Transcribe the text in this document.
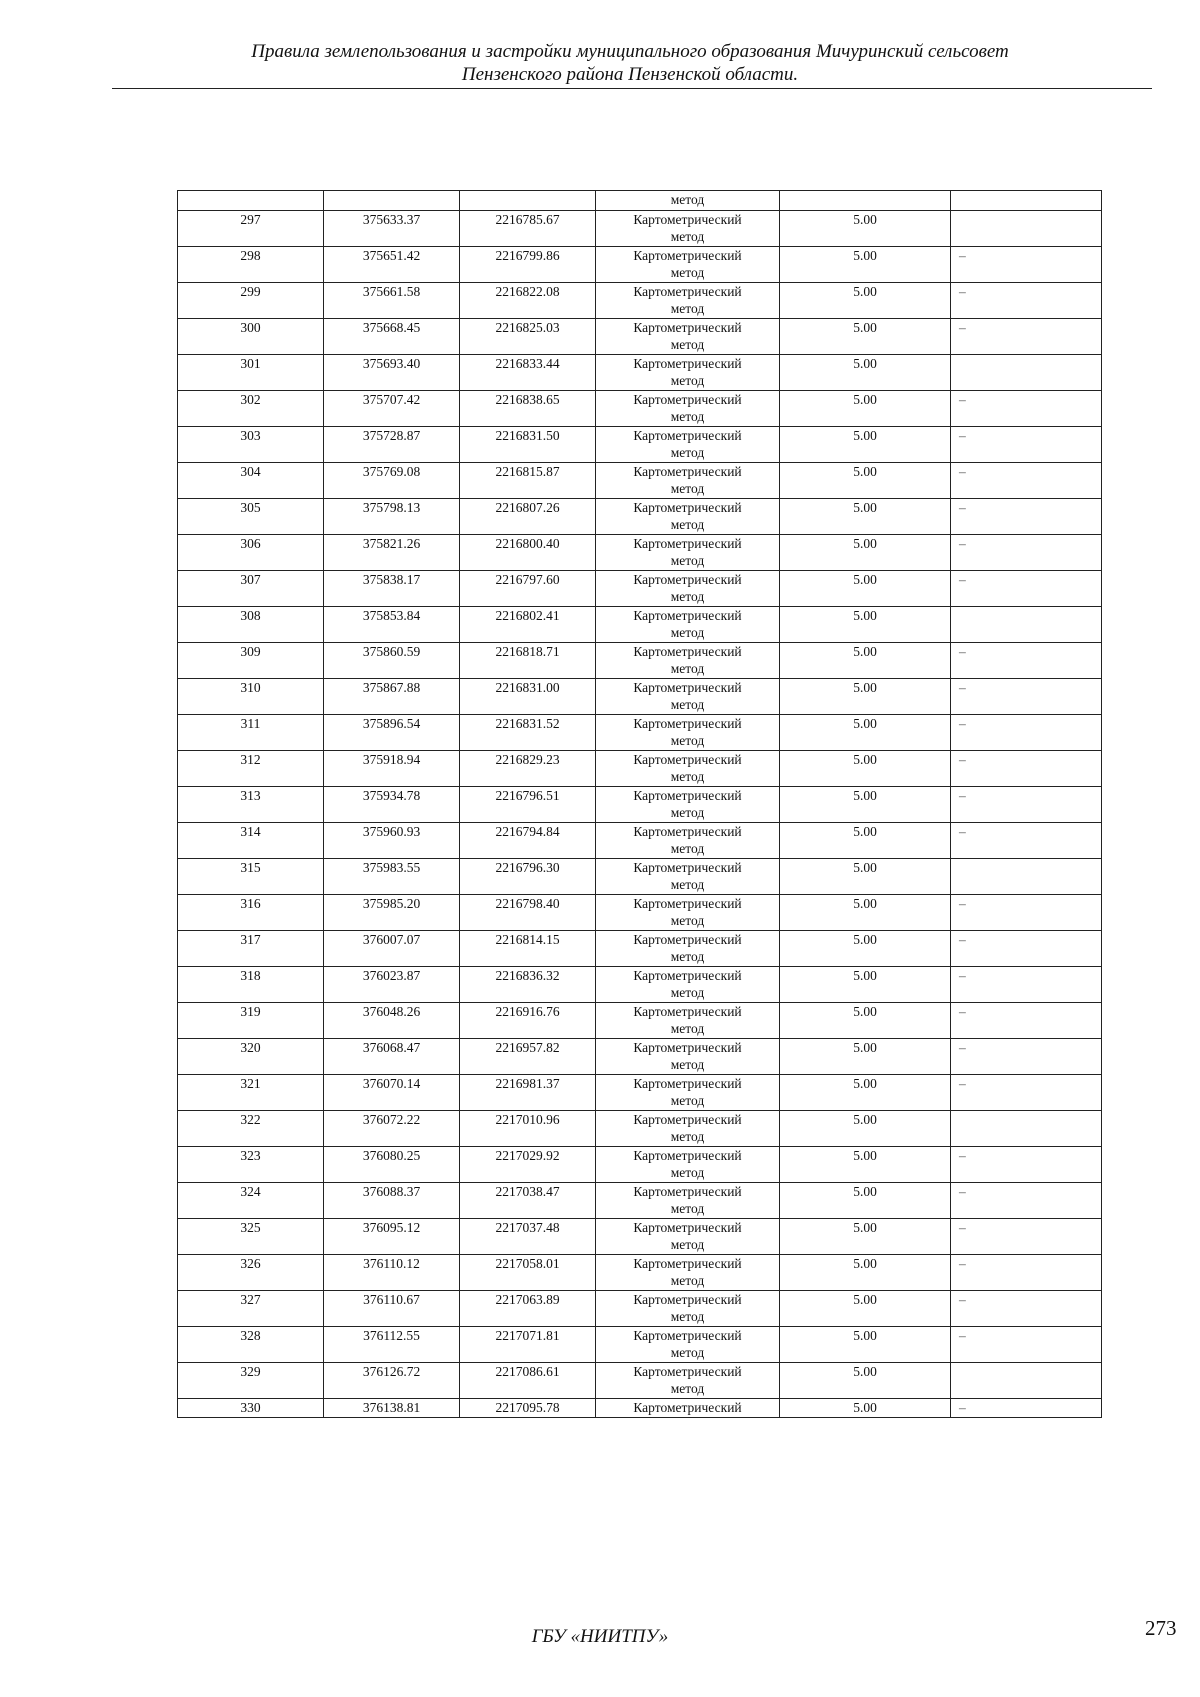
Правила землепользования и застройки муниципального образования Мичуринский сельсовет
Пензенского района Пензенской области.

			метод		

297	375633.37	2216785.67	Картометрический
метод	5.00	
298	375651.42	2216799.86	Картометрический
метод	5.00	–
299	375661.58	2216822.08	Картометрический
метод	5.00	–
300	375668.45	2216825.03	Картометрический
метод	5.00	–
301	375693.40	2216833.44	Картометрический
метод	5.00	
302	375707.42	2216838.65	Картометрический
метод	5.00	–
303	375728.87	2216831.50	Картометрический
метод	5.00	–
304	375769.08	2216815.87	Картометрический
метод	5.00	–
305	375798.13	2216807.26	Картометрический
метод	5.00	–
306	375821.26	2216800.40	Картометрический
метод	5.00	–
307	375838.17	2216797.60	Картометрический
метод	5.00	–
308	375853.84	2216802.41	Картометрический
метод	5.00	
309	375860.59	2216818.71	Картометрический
метод	5.00	–
310	375867.88	2216831.00	Картометрический
метод	5.00	–
311	375896.54	2216831.52	Картометрический
метод	5.00	–
312	375918.94	2216829.23	Картометрический
метод	5.00	–
313	375934.78	2216796.51	Картометрический
метод	5.00	–
314	375960.93	2216794.84	Картометрический
метод	5.00	–
315	375983.55	2216796.30	Картометрический
метод	5.00	
316	375985.20	2216798.40	Картометрический
метод	5.00	–
317	376007.07	2216814.15	Картометрический
метод	5.00	–
318	376023.87	2216836.32	Картометрический
метод	5.00	–
319	376048.26	2216916.76	Картометрический
метод	5.00	–
320	376068.47	2216957.82	Картометрический
метод	5.00	–
321	376070.14	2216981.37	Картометрический
метод	5.00	–
322	376072.22	2217010.96	Картометрический
метод	5.00	
323	376080.25	2217029.92	Картометрический
метод	5.00	–
324	376088.37	2217038.47	Картометрический
метод	5.00	–
325	376095.12	2217037.48	Картометрический
метод	5.00	–
326	376110.12	2217058.01	Картометрический
метод	5.00	–
327	376110.67	2217063.89	Картометрический
метод	5.00	–
328	376112.55	2217071.81	Картометрический
метод	5.00	–
329	376126.72	2217086.61	Картометрический
метод	5.00	
330	376138.81	2217095.78	Картометрический	5.00	–
ГБУ «НИИТПУ»	273
